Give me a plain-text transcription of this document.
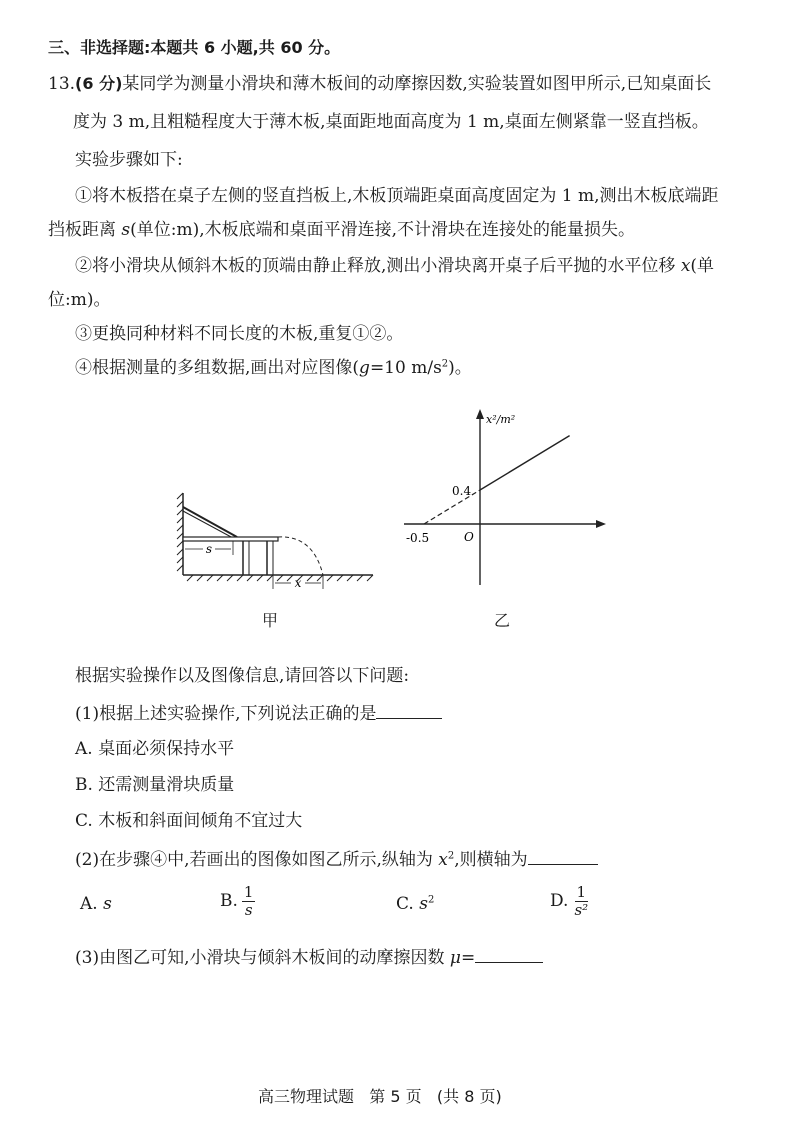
三、非选择题:本题共 6 小题,共 60 分。
13.(6 分)某同学为测量小滑块和薄木板间的动摩擦因数,实验装置如图甲所示,已知桌面长
度为 3 m,且粗糙程度大于薄木板,桌面距地面高度为 1 m,桌面左侧紧靠一竖直挡板。
实验步骤如下:
①将木板搭在桌子左侧的竖直挡板上,木板顶端距桌面高度固定为 1 m,测出木板底端距
挡板距离 s(单位:m),木板底端和桌面平滑连接,不计滑块在连接处的能量损失。
②将小滑块从倾斜木板的顶端由静止释放,测出小滑块离开桌子后平抛的水平位移 x(单
位:m)。
③更换同种材料不同长度的木板,重复①②。
④根据测量的多组数据,画出对应图像(g=10 $m/s^2$)。
s
x
甲
x²/m²
O
0.4
-0.5
乙
根据实验操作以及图像信息,请回答以下问题:
(1)根据上述实验操作,下列说法正确的是
A. 桌面必须保持水平
B. 还需测量滑块质量
C. 木板和斜面间倾角不宜过大
(2)在步骤④中,若画出的图像如图乙所示,纵轴为 $x^2$,则横轴为
A. s	B. $\frac{1}{s}$	C. $s^2$	D. $\frac{1}{\text{s²}}$
(3)由图乙可知,小滑块与倾斜木板间的动摩擦因数 μ=
高三物理试题 第 5 页 (共 8 页)
